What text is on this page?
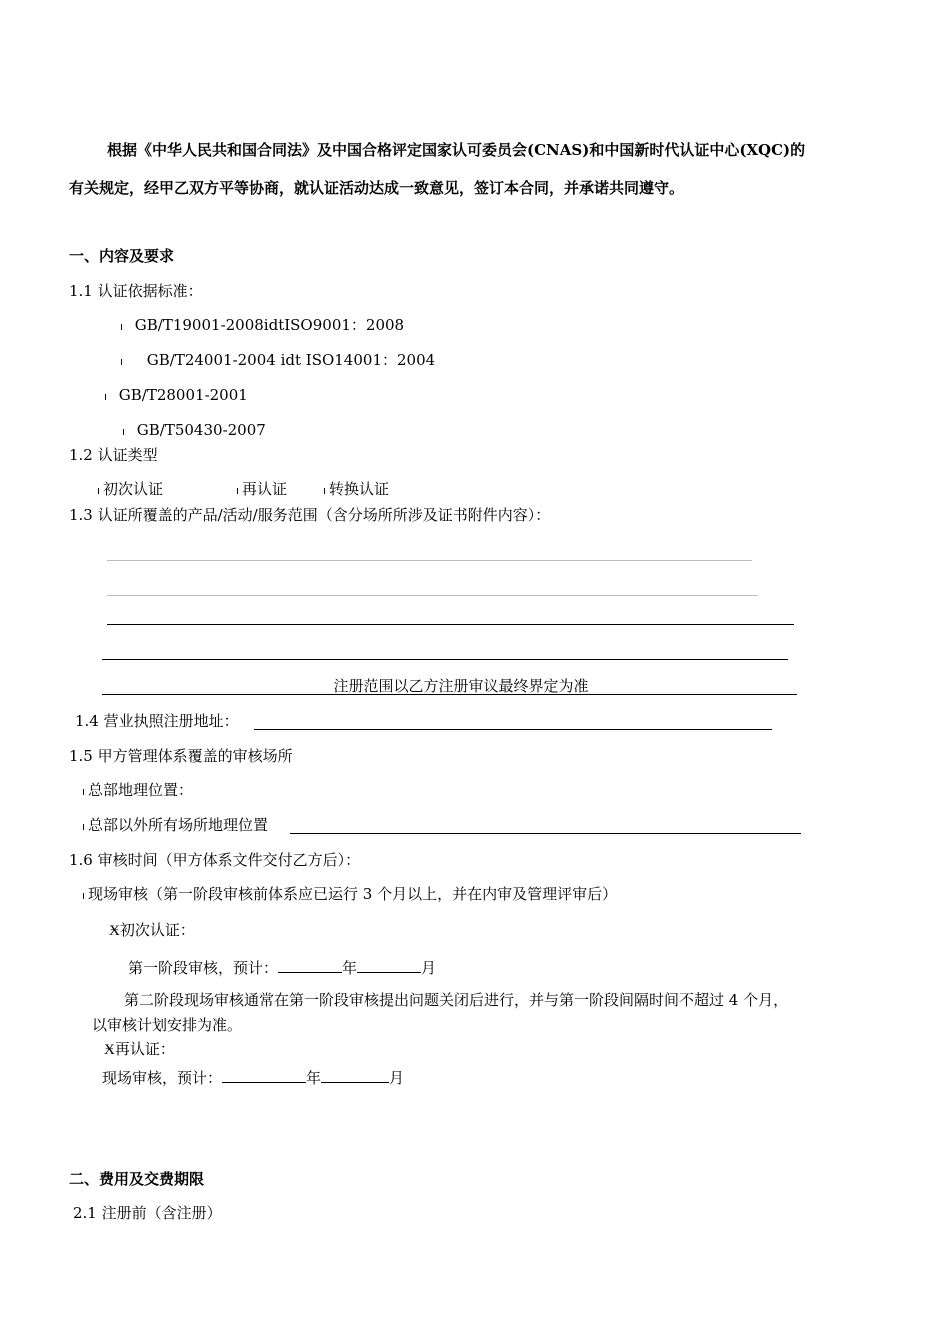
根据《中华人民共和国合同法》及中国合格评定国家认可委员会(CNAS)和中国新时代认证中心(XQC)的
有关规定，经甲乙双方平等协商，就认证活动达成一致意见，签订本合同，并承诺共同遵守。
一、内容及要求
1.1 认证依据标准：
ı GB/T19001-2008idtISO9001：2008
ı GB/T24001-2004 idt ISO14001：2004
ı GB/T28001-2001
ı GB/T50430-2007
1.2 认证类型
ı 初次认证	ı 再认证	ı 转换认证
1.3 认证所覆盖的产品/活动/服务范围（含分场所所涉及证书附件内容）：
注册范围以乙方注册审议最终界定为准
1.4 营业执照注册地址：
1.5 甲方管理体系覆盖的审核场所
ı 总部地理位置：
ı 总部以外所有场所地理位置
1.6 审核时间（甲方体系文件交付乙方后）：
ı 现场审核（第一阶段审核前体系应已运行 3 个月以上，并在内审及管理评审后）
Ӿ初次认证：
第一阶段审核，预计：	年	月
第二阶段现场审核通常在第一阶段审核提出问题关闭后进行，并与第一阶段间隔时间不超过 4 个月，
以审核计划安排为准。
Ӿ再认证：
现场审核，预计：	年	月
二、费用及交费期限
2.1 注册前（含注册）
